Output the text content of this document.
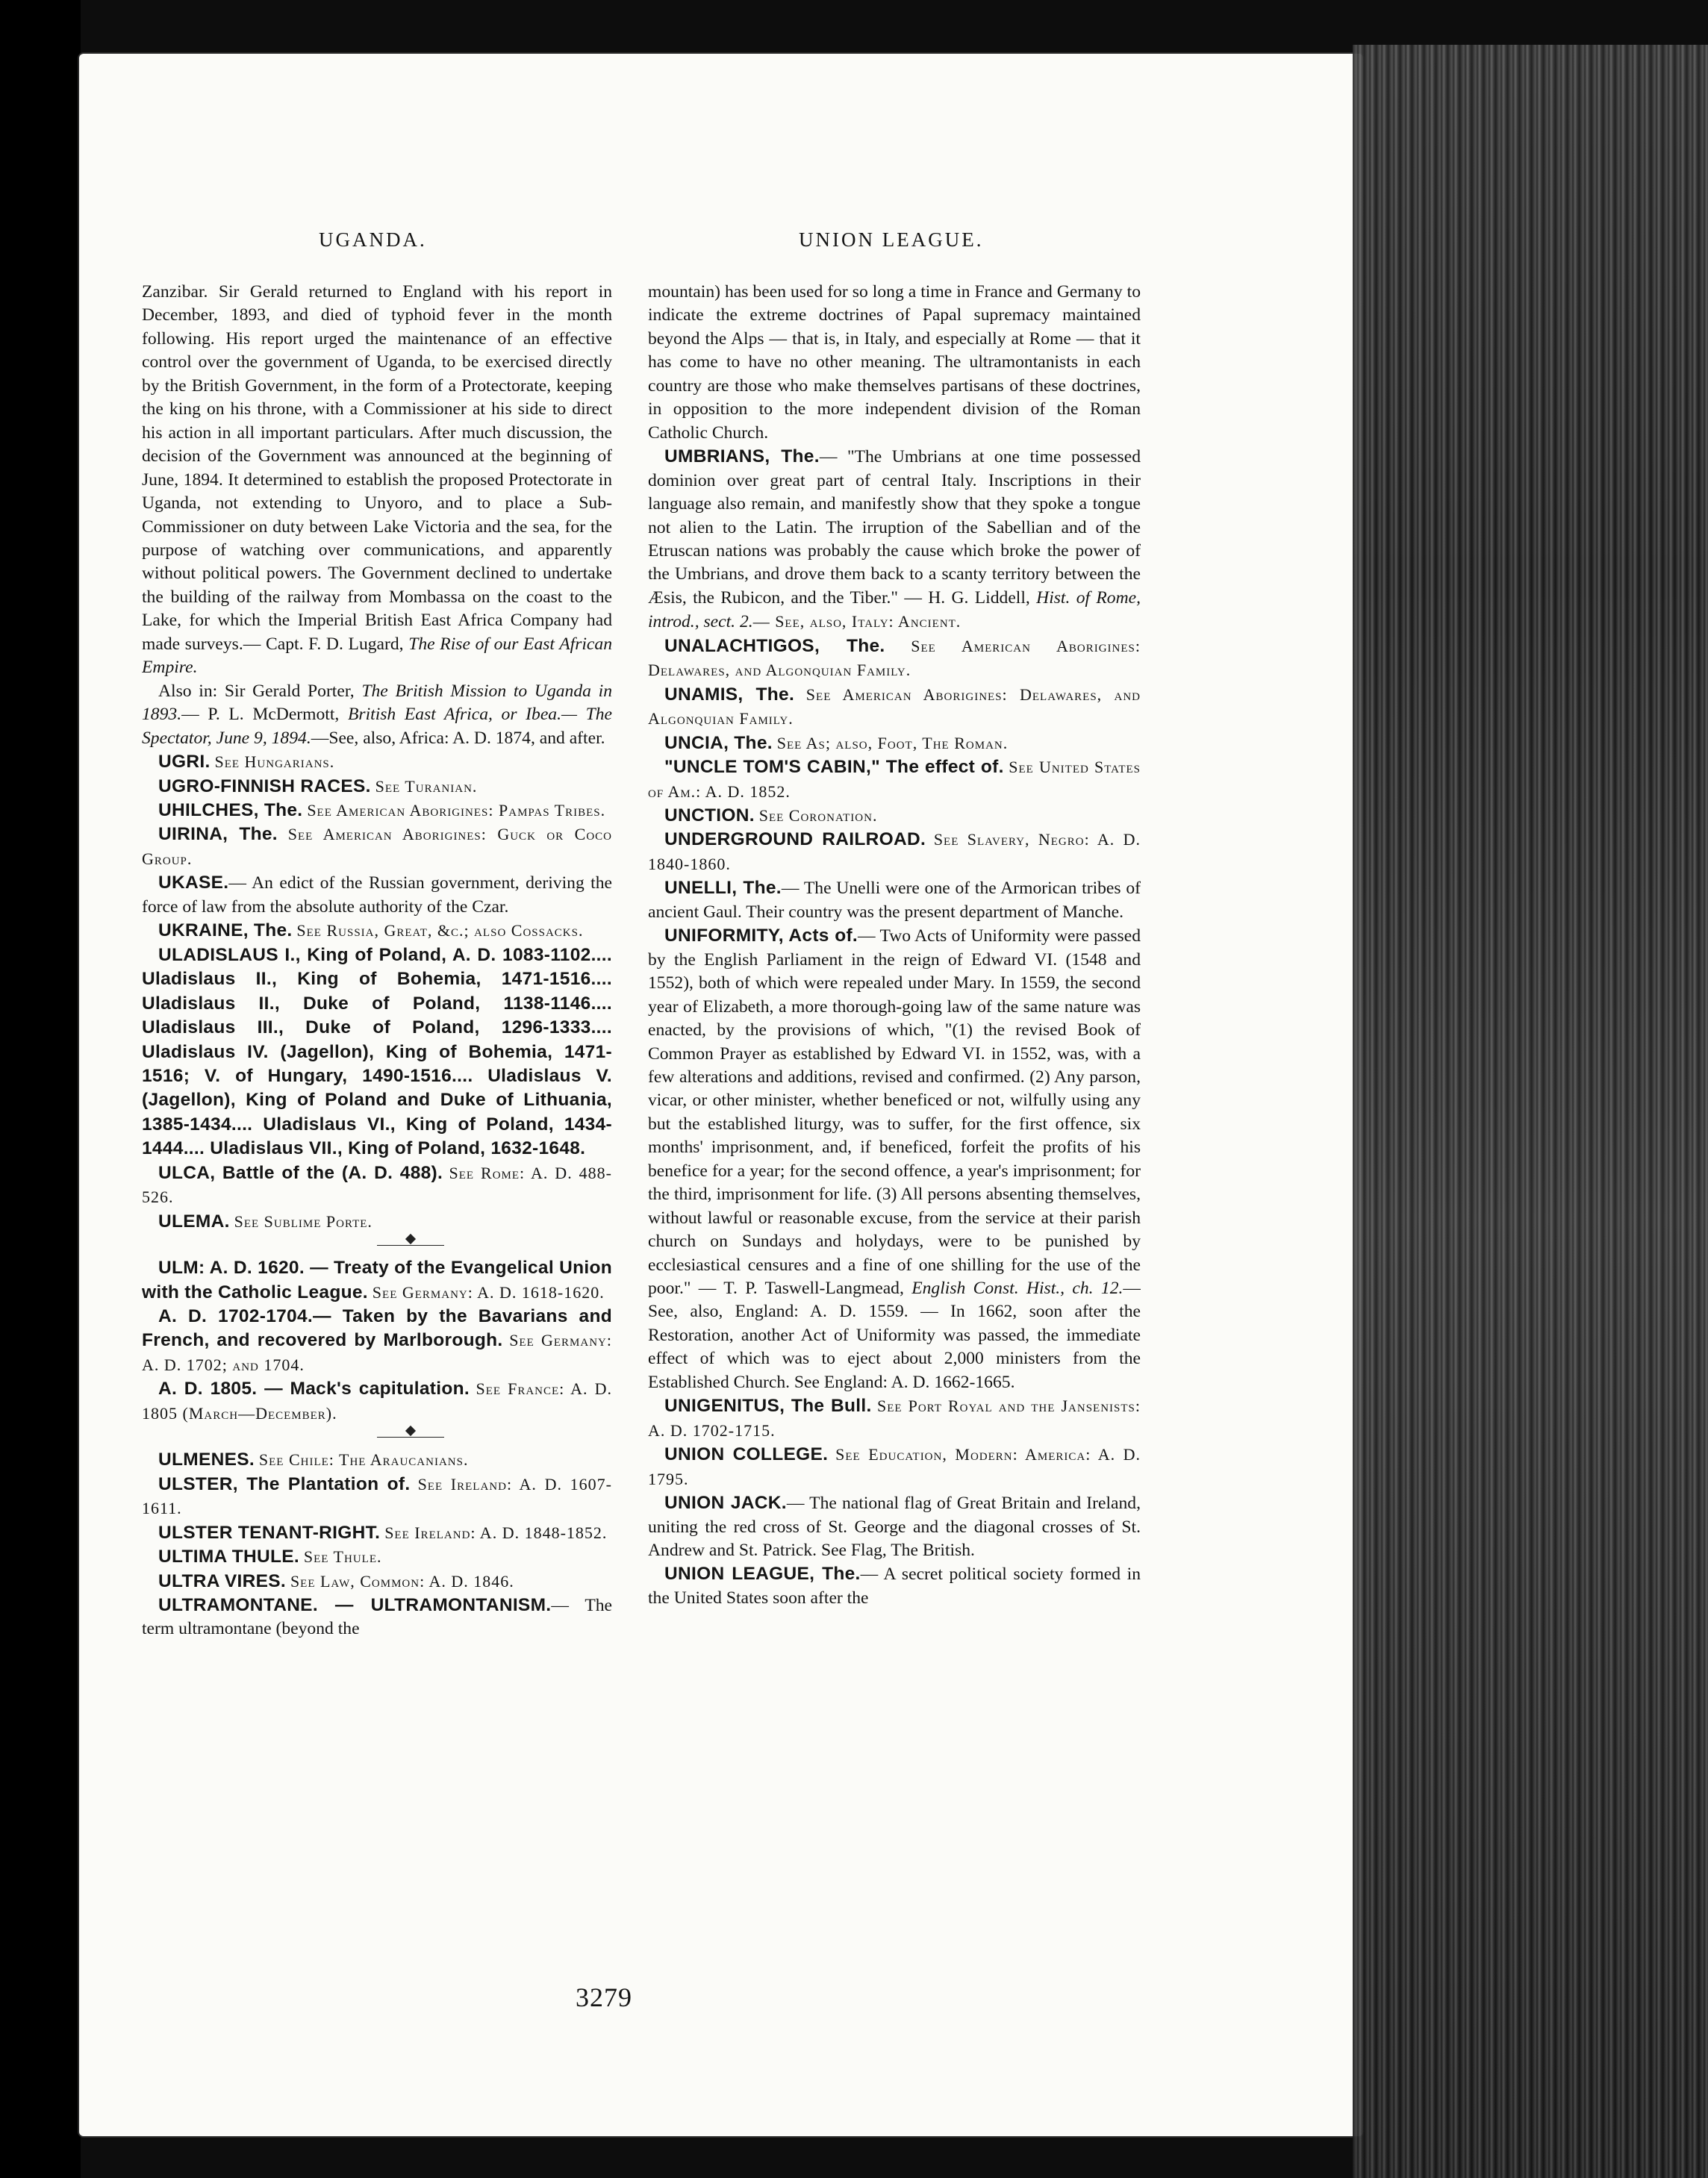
UGANDA.	UNION LEAGUE.

Zanzibar. Sir Gerald returned to England with his report in December, 1893, and died of typhoid fever in the month following. His report urged the maintenance of an effective control over the government of Uganda, to be exercised directly by the British Government, in the form of a Protectorate, keeping the king on his throne, with a Commissioner at his side to direct his action in all important particulars. After much discussion, the decision of the Government was announced at the beginning of June, 1894. It determined to establish the proposed Protectorate in Uganda, not extending to Unyoro, and to place a Sub-Commissioner on duty between Lake Victoria and the sea, for the purpose of watching over communications, and apparently without political powers. The Government declined to undertake the building of the railway from Mombassa on the coast to the Lake, for which the Imperial British East Africa Company had made surveys.— Capt. F. D. Lugard, The Rise of our East African Empire.

Also in: Sir Gerald Porter, The British Mission to Uganda in 1893.— P. L. McDermott, British East Africa, or Ibea.— The Spectator, June 9, 1894.—See, also, Africa: A. D. 1874, and after.

UGRI. See Hungarians.

UGRO-FINNISH RACES. See Turanian.

UHILCHES, The. See American Aborigines: Pampas Tribes.

UIRINA, The. See American Aborigines: Guck or Coco Group.

UKASE.— An edict of the Russian government, deriving the force of law from the absolute authority of the Czar.

UKRAINE, The. See Russia, Great, &c.; also Cossacks.

ULADISLAUS I., King of Poland, A. D. 1083-1102.... Uladislaus II., King of Bohemia, 1471-1516.... Uladislaus II., Duke of Poland, 1138-1146.... Uladislaus III., Duke of Poland, 1296-1333.... Uladislaus IV. (Jagellon), King of Bohemia, 1471-1516; V. of Hungary, 1490-1516.... Uladislaus V. (Jagellon), King of Poland and Duke of Lithuania, 1385-1434.... Uladislaus VI., King of Poland, 1434-1444.... Uladislaus VII., King of Poland, 1632-1648.

ULCA, Battle of the (A. D. 488). See Rome: A. D. 488-526.

ULEMA. See Sublime Porte.

ULM: A. D. 1620. — Treaty of the Evangelical Union with the Catholic League. See Germany: A. D. 1618-1620.

A. D. 1702-1704.— Taken by the Bavarians and French, and recovered by Marlborough. See Germany: A. D. 1702; and 1704.

A. D. 1805. — Mack's capitulation. See France: A. D. 1805 (March—December).

ULMENES. See Chile: The Araucanians.

ULSTER, The Plantation of. See Ireland: A. D. 1607-1611.

ULSTER TENANT-RIGHT. See Ireland: A. D. 1848-1852.

ULTIMA THULE. See Thule.

ULTRA VIRES. See Law, Common: A. D. 1846.

ULTRAMONTANE. — ULTRAMONTANISM.— The term ultramontane (beyond the

mountain) has been used for so long a time in France and Germany to indicate the extreme doctrines of Papal supremacy maintained beyond the Alps — that is, in Italy, and especially at Rome — that it has come to have no other meaning. The ultramontanists in each country are those who make themselves partisans of these doctrines, in opposition to the more independent division of the Roman Catholic Church.

UMBRIANS, The.— "The Umbrians at one time possessed dominion over great part of central Italy. Inscriptions in their language also remain, and manifestly show that they spoke a tongue not alien to the Latin. The irruption of the Sabellian and of the Etruscan nations was probably the cause which broke the power of the Umbrians, and drove them back to a scanty territory between the Æsis, the Rubicon, and the Tiber." — H. G. Liddell, Hist. of Rome, introd., sect. 2.— See, also, Italy: Ancient.

UNALACHTIGOS, The. See American Aborigines: Delawares, and Algonquian Family.

UNAMIS, The. See American Aborigines: Delawares, and Algonquian Family.

UNCIA, The. See As; also, Foot, The Roman.

"UNCLE TOM'S CABIN," The effect of. See United States of Am.: A. D. 1852.

UNCTION. See Coronation.

UNDERGROUND RAILROAD. See Slavery, Negro: A. D. 1840-1860.

UNELLI, The.— The Unelli were one of the Armorican tribes of ancient Gaul. Their country was the present department of Manche.

UNIFORMITY, Acts of.— Two Acts of Uniformity were passed by the English Parliament in the reign of Edward VI. (1548 and 1552), both of which were repealed under Mary. In 1559, the second year of Elizabeth, a more thorough-going law of the same nature was enacted, by the provisions of which, "(1) the revised Book of Common Prayer as established by Edward VI. in 1552, was, with a few alterations and additions, revised and confirmed. (2) Any parson, vicar, or other minister, whether beneficed or not, wilfully using any but the established liturgy, was to suffer, for the first offence, six months' imprisonment, and, if beneficed, forfeit the profits of his benefice for a year; for the second offence, a year's imprisonment; for the third, imprisonment for life. (3) All persons absenting themselves, without lawful or reasonable excuse, from the service at their parish church on Sundays and holydays, were to be punished by ecclesiastical censures and a fine of one shilling for the use of the poor." — T. P. Taswell-Langmead, English Const. Hist., ch. 12.— See, also, England: A. D. 1559. — In 1662, soon after the Restoration, another Act of Uniformity was passed, the immediate effect of which was to eject about 2,000 ministers from the Established Church. See England: A. D. 1662-1665.

UNIGENITUS, The Bull. See Port Royal and the Jansenists: A. D. 1702-1715.

UNION COLLEGE. See Education, Modern: America: A. D. 1795.

UNION JACK.— The national flag of Great Britain and Ireland, uniting the red cross of St. George and the diagonal crosses of St. Andrew and St. Patrick. See Flag, The British.

UNION LEAGUE, The.— A secret political society formed in the United States soon after the

3279
